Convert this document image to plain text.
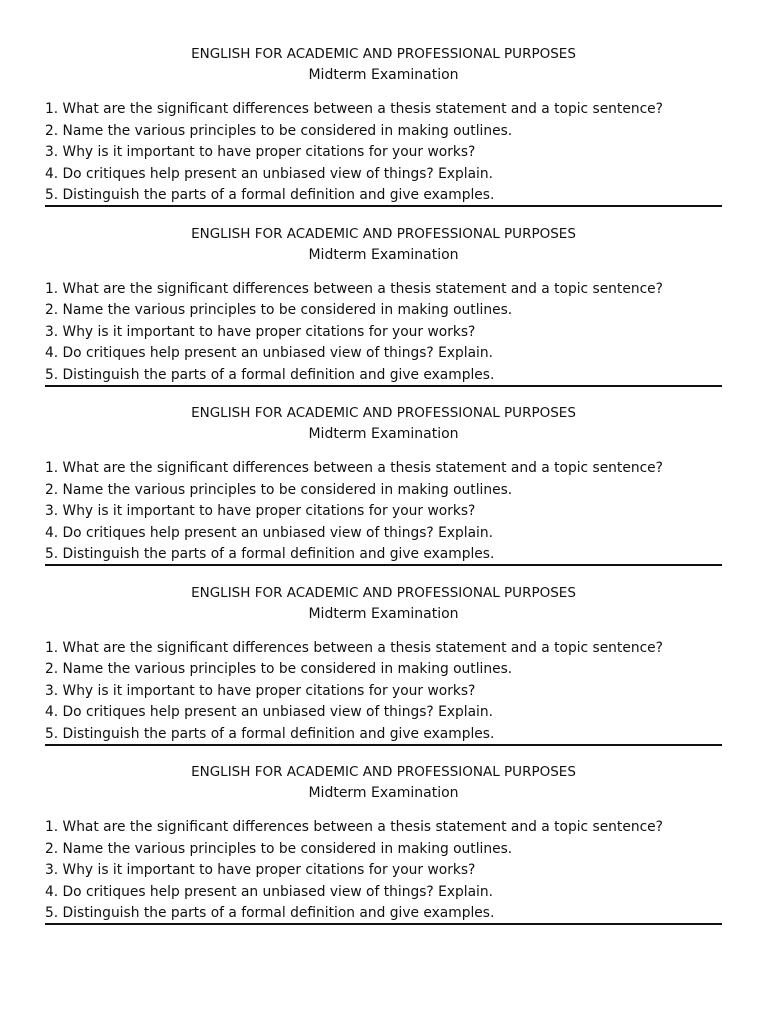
ENGLISH FOR ACADEMIC AND PROFESSIONAL PURPOSES
Midterm Examination
1. What are the significant differences between a thesis statement and a topic sentence?
2. Name the various principles to be considered in making outlines.
3. Why is it important to have proper citations for your works?
4. Do critiques help present an unbiased view of things? Explain.
5. Distinguish the parts of a formal definition and give examples.
ENGLISH FOR ACADEMIC AND PROFESSIONAL PURPOSES
Midterm Examination
1. What are the significant differences between a thesis statement and a topic sentence?
2. Name the various principles to be considered in making outlines.
3. Why is it important to have proper citations for your works?
4. Do critiques help present an unbiased view of things? Explain.
5. Distinguish the parts of a formal definition and give examples.
ENGLISH FOR ACADEMIC AND PROFESSIONAL PURPOSES
Midterm Examination
1. What are the significant differences between a thesis statement and a topic sentence?
2. Name the various principles to be considered in making outlines.
3. Why is it important to have proper citations for your works?
4. Do critiques help present an unbiased view of things? Explain.
5. Distinguish the parts of a formal definition and give examples.
ENGLISH FOR ACADEMIC AND PROFESSIONAL PURPOSES
Midterm Examination
1. What are the significant differences between a thesis statement and a topic sentence?
2. Name the various principles to be considered in making outlines.
3. Why is it important to have proper citations for your works?
4. Do critiques help present an unbiased view of things? Explain.
5. Distinguish the parts of a formal definition and give examples.
ENGLISH FOR ACADEMIC AND PROFESSIONAL PURPOSES
Midterm Examination
1. What are the significant differences between a thesis statement and a topic sentence?
2. Name the various principles to be considered in making outlines.
3. Why is it important to have proper citations for your works?
4. Do critiques help present an unbiased view of things? Explain.
5. Distinguish the parts of a formal definition and give examples.
